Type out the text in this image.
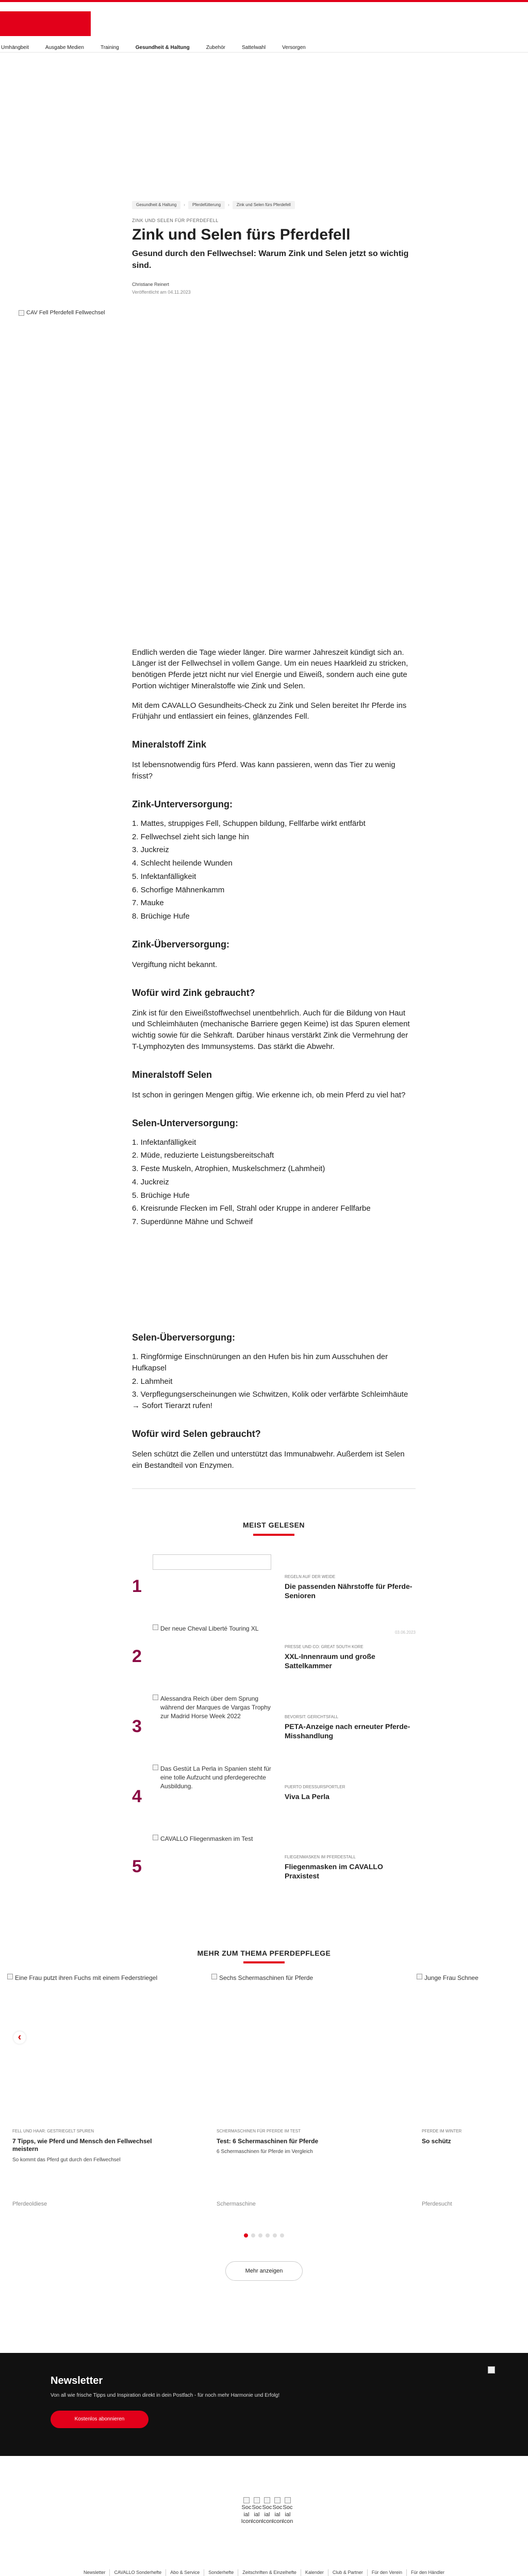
Umhängbeit	Ausgabe Medien	Training	Gesundheit & Haltung	Zubehör	Sattelwahl	Versorgen
Gesundheit & Haltung	›	Pferdefütterung	›	Zink und Selen fürs Pferdefell
ZINK UND SELEN FÜR PFERDEFELL
Zink und Selen fürs Pferdefell
Gesund durch den Fellwechsel: Warum Zink und Selen jetzt so wichtig sind.
Christiane Reinert
Veröffentlicht am 04.11.2023
CAV Fell Pferdefell Fellwechsel

Endlich werden die Tage wieder länger. Dire warmer Jahreszeit kündigt sich an. Länger ist der Fellwechsel in vollem Gange. Um ein neues Haarkleid zu stricken, benötigen Pferde jetzt nicht nur viel Energie und Eiweiß, sondern auch eine gute Portion wichtiger Mineralstoffe wie Zink und Selen.

Mit dem CAVALLO Gesundheits-Check zu Zink und Selen bereitet Ihr Pferde ins Frühjahr und entlassiert ein feines, glänzendes Fell.

Mineralstoff Zink

Ist lebensnotwendig fürs Pferd. Was kann passieren, wenn das Tier zu wenig frisst?

Zink-Unterversorgung:
1. Mattes, struppiges Fell, Schuppen bildung, Fellfarbe wirkt entfärbt
2. Fellwechsel zieht sich lange hin
3. Juckreiz
4. Schlecht heilende Wunden
5. Infektanfälligkeit
6. Schorfige Mähnenkamm
7. Mauke
8. Brüchige Hufe
Zink-Überversorgung:

Vergiftung nicht bekannt.

Wofür wird Zink gebraucht?

Zink ist für den Eiweißstoffwechsel unentbehrlich. Auch für die Bildung von Haut und Schleimhäuten (mechanische Barriere gegen Keime) ist das Spuren element wichtig sowie für die Sehkraft. Darüber hinaus verstärkt Zink die Vermehrung der T-Lymphozyten des Immunsystems. Das stärkt die Abwehr.

Mineralstoff Selen

Ist schon in geringen Mengen giftig. Wie erkenne ich, ob mein Pferd zu viel hat?

Selen-Unterversorgung:
1. Infektanfälligkeit
2. Müde, reduzierte Leistungsbereitschaft
3. Feste Muskeln, Atrophien, Muskelschmerz (Lahmheit)
4. Juckreiz
5. Brüchige Hufe
6. Kreisrunde Flecken im Fell, Strahl oder Kruppe in anderer Fellfarbe
7. Superdünne Mähne und Schweif
Selen-Überversorgung:
1. Ringförmige Einschnürungen an den Hufen bis hin zum Ausschuhen der Hufkapsel
2. Lahmheit
3. Verpflegungserscheinungen wie Schwitzen, Kolik oder verfärbte Schleimhäute → Sofort Tierarzt rufen!
Wofür wird Selen gebraucht?

Selen schützt die Zellen und unterstützt das Immunabwehr. Außerdem ist Selen ein Bestandteil von Enzymen.

MEIST GELESEN
1	REGELN AUF DER WEIDE
Die passenden Nährstoffe für Pferde-Senioren
2
Der neue Cheval Liberté Touring XL
PRESSE UND CO: GREAT SOUTH KORE
XXL-Innenraum und große Sattelkammer
03.06.2023
3
Alessandra Reich über dem Sprung während der Marques de Vargas Trophy zur Madrid Horse Week 2022	BEVORSIT: GERICHTSFALL
PETA-Anzeige nach erneuter Pferde-Misshandlung
4
Das Gestüt La Perla in Spanien steht für eine tolle Aufzucht und pferdegerechte Ausbildung.	PUERTO DRESSURSPORTLER
Viva La Perla
5
CAVALLO Fliegenmasken im Test
FLIEGENMASKEN IM PFERDESTALL
Fliegenmasken im CAVALLO Praxistest
MEHR ZUM THEMA PFERDEPFLEGE
‹
Eine Frau putzt ihren Fuchs mit einem Federstriegel
FELL UND HAAR: GESTRIEGELT SPUREN
7 Tipps, wie Pferd und Mensch den Fellwechsel meistern
So kommt das Pferd gut durch den Fellwechsel
Pferdeoldiese
Sechs Schermaschinen für Pferde
SCHERMASCHINEN FÜR PFERDE IM TEST
Test: 6 Schermaschinen für Pferde
6 Schermaschinen für Pferde im Vergleich
Schermaschine
Junge Frau Schnee
PFERDE IM WINTER
So schütz
Pferdesucht
Mehr anzeigen
Newsletter
Von all wie frische Tipps und Inspiration direkt in dein Postfach - für noch mehr Harmonie und Erfolg!
Kostenlos abonnieren
Soc ial Icon
Soc ial Icon
Soc ial Icon
Soc ial Icon
Soc ial Icon
Newsletter	CAVALLO Sonderhefte	Abo & Service	Sonderhefte	Zeitschriften & Einzelhefte	Kalender	Club & Partner	Für den Verein	Für den Händler
